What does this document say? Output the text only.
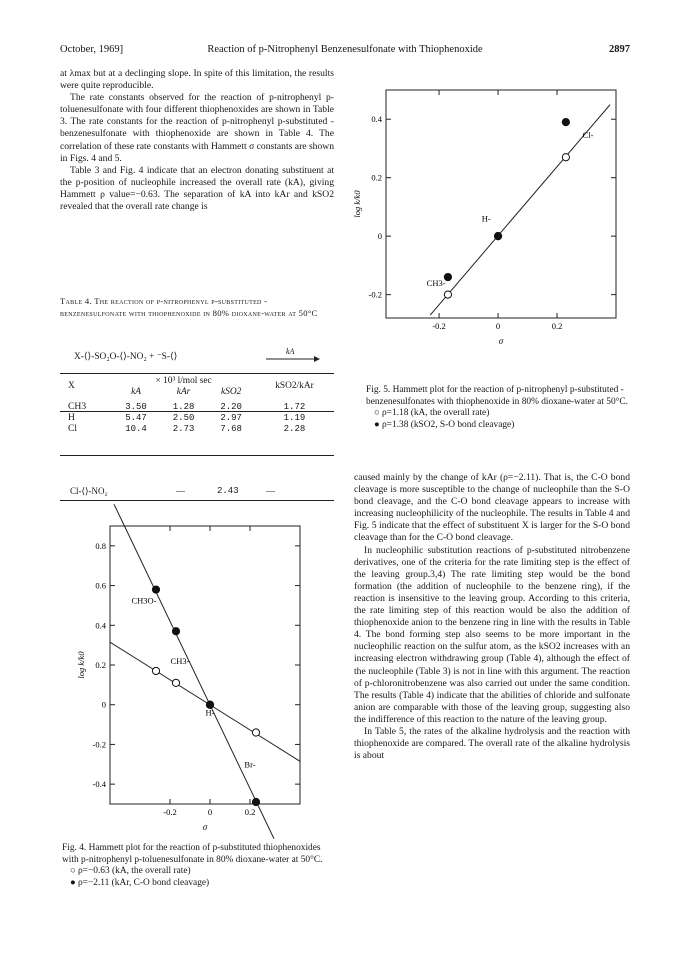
October, 1969]	Reaction of p-Nitrophenyl Benzenesulfonate with Thiophenoxide	2897

at λmax but at a declinging slope. In spite of this limitation, the results were quite reproducible.

The rate constants observed for the reaction of p-nitrophenyl p-toluenesulfonate with four different thiophenoxides are shown in Table 3. The rate constants for the reaction of p-nitrophenyl p-substituted - benzenesulfonate with thiophenoxide are shown in Table 4. The correlation of these rate constants with Hammett σ constants are shown in Figs. 4 and 5.

Table 3 and Fig. 4 indicate that an electron donating substituent at the p-position of nucleophile increased the overall rate (kA), giving Hammett ρ value=−0.63. The separation of kA into kAr and kSO2 revealed that the overall rate change is

Table 4. The reaction of p-nitrophenyl p-substituted - benzenesulfonate with thiophenoxide in 80% dioxane-water at 50°C
X-⟨⟩-SO₂O-⟨⟩-NO₂ + ⁻S-⟨⟩
kA
X	× 10³ l/mol sec			kSO2/kAr
	kA	kAr	kSO2	

CH3	3.50	1.28	2.20	1.72
H	5.47	2.50	2.97	1.19
Cl	10.4	2.73	7.68	2.28
Cl-⟨⟩-NO₂	—	2.43	—
0.8
0.6
0.4
0.2
0
-0.2
-0.4
-0.2	0	0.2
log k/k0
σ
CH3O-
CH3-
H-
Br-

Fig. 4. Hammett plot for the reaction of p-substituted thiophenoxides with p-nitrophenyl p-toluenesulfonate in 80% dioxane-water at 50°C.

○ ρ=−0.63 (kA, the overall rate)

● ρ=−2.11 (kAr, C-O bond cleavage)

0.4
0.2
0
-0.2
-0.2	0	0.2
log k/k0
σ
CH3-
H-
Cl-

Fig. 5. Hammett plot for the reaction of p-nitrophenyl p-substituted - benzenesulfonates with thiophenoxide in 80% dioxane-water at 50°C.

○ ρ=1.18 (kA, the overall rate)

● ρ=1.38 (kSO2, S-O bond cleavage)

caused mainly by the change of kAr (ρ=−2.11). That is, the C-O bond cleavage is more susceptible to the change of nucleophile than the S-O bond cleavage, and the C-O bond cleavage appears to increase with increasing nucleophilicity of the nucleophile. The results in Table 4 and Fig. 5 indicate that the effect of substituent X is larger for the S-O bond cleavage than for the C-O bond cleavage.

In nucleophilic substitution reactions of p-substituted nitrobenzene derivatives, one of the criteria for the rate limiting step is the effect of the leaving group.3,4) The rate limiting step would be the bond formation (the addition of nucleophile to the benzene ring), if the reaction is insensitive to the leaving group. According to this criteria, the rate limiting step of this reaction would be also the addition of thiophenoxide anion to the benzene ring in line with the results in Table 4. The bond forming step also seems to be more important in the nucleophilic reaction on the sulfur atom, as the kSO2 increases with an increasing electron withdrawing group (Table 4), although the effect of the nucleophile (Table 3) is not in line with this argument. The reaction of p-chloronitrobenzene was also carried out under the same condition. The results (Table 4) indicate that the abilities of chloride and sulfonate anion are comparable with those of the leaving group, suggesting also the indifference of this reaction to the nature of the leaving group.

In Table 5, the rates of the alkaline hydrolysis and the reaction with thiophenoxide are compared. The overall rate of the alkaline hydrolysis is about
